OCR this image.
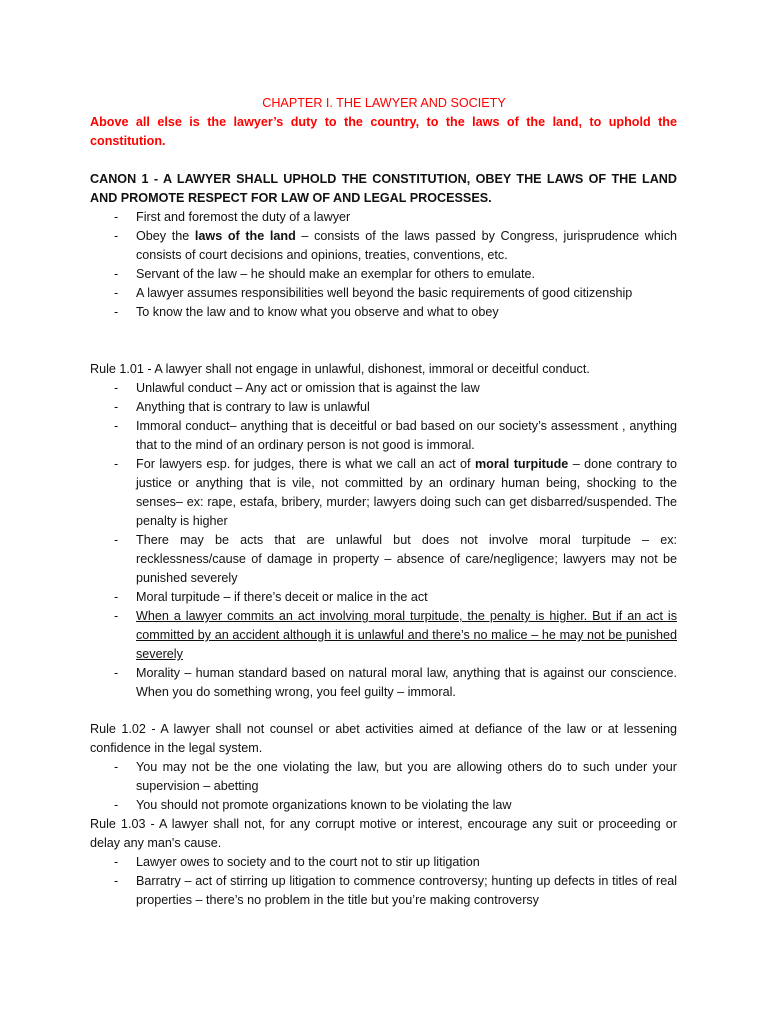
CHAPTER I. THE LAWYER AND SOCIETY

Above all else is the lawyer’s duty to the country, to the laws of the land, to uphold the constitution.

CANON 1 - A LAWYER SHALL UPHOLD THE CONSTITUTION, OBEY THE LAWS OF THE LAND AND PROMOTE RESPECT FOR LAW OF AND LEGAL PROCESSES.

- First and foremost the duty of a lawyer
- Obey the laws of the land – consists of the laws passed by Congress, jurisprudence which consists of court decisions and opinions, treaties, conventions, etc.
- Servant of the law – he should make an exemplar for others to emulate.
- A lawyer assumes responsibilities well beyond the basic requirements of good citizenship
- To know the law and to know what you observe and what to obey

Rule 1.01 - A lawyer shall not engage in unlawful, dishonest, immoral or deceitful conduct.

- Unlawful conduct – Any act or omission that is against the law
- Anything that is contrary to law is unlawful
- Immoral conduct– anything that is deceitful or bad based on our society’s assessment , anything that to the mind of an ordinary person is not good is immoral.
- For lawyers esp. for judges, there is what we call an act of moral turpitude – done contrary to justice or anything that is vile, not committed by an ordinary human being, shocking to the senses– ex: rape, estafa, bribery, murder; lawyers doing such can get disbarred/suspended. The penalty is higher
- There may be acts that are unlawful but does not involve moral turpitude – ex: recklessness/cause of damage in property – absence of care/negligence; lawyers may not be punished severely
- Moral turpitude – if there’s deceit or malice in the act
- When a lawyer commits an act involving moral turpitude, the penalty is higher. But if an act is committed by an accident although it is unlawful and there’s no malice – he may not be punished severely
- Morality – human standard based on natural moral law, anything that is against our conscience. When you do something wrong, you feel guilty – immoral.

Rule 1.02 - A lawyer shall not counsel or abet activities aimed at defiance of the law or at lessening confidence in the legal system.

- You may not be the one violating the law, but you are allowing others do to such under your supervision – abetting
- You should not promote organizations known to be violating the law

Rule 1.03 - A lawyer shall not, for any corrupt motive or interest, encourage any suit or proceeding or delay any man's cause.

- Lawyer owes to society and to the court not to stir up litigation
- Barratry – act of stirring up litigation to commence controversy; hunting up defects in titles of real properties – there’s no problem in the title but you’re making controversy
